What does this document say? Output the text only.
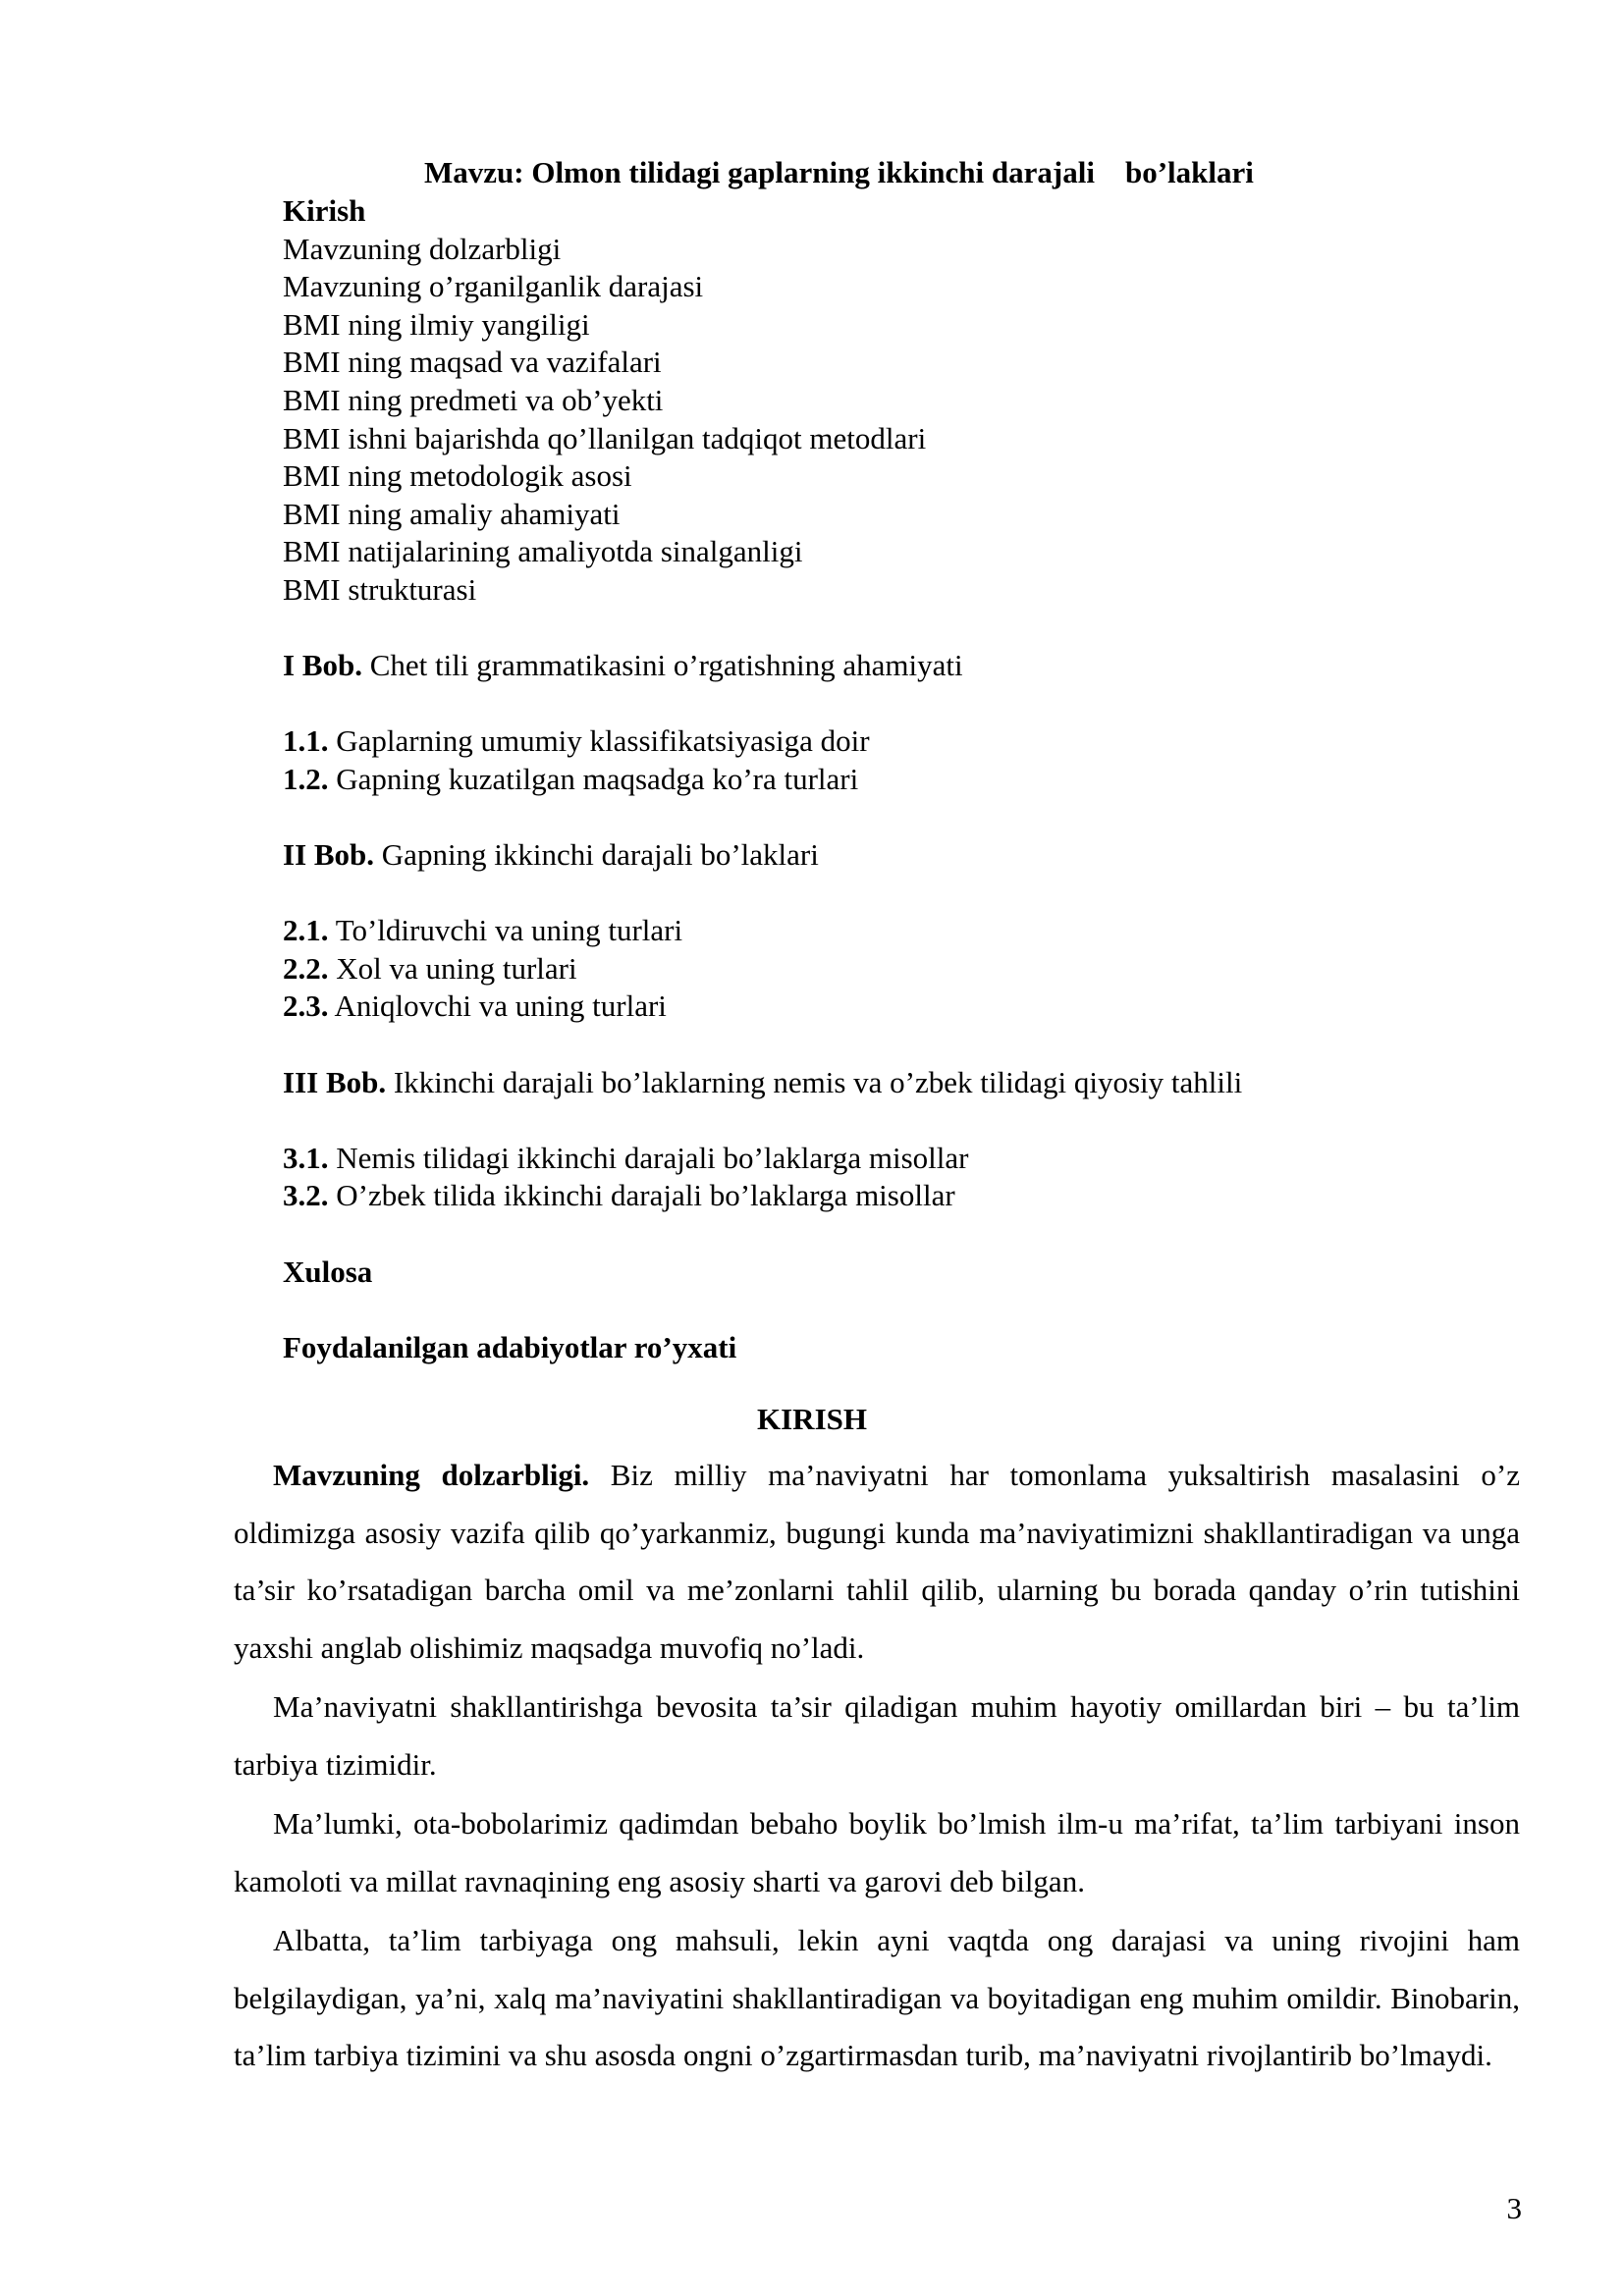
Mavzu: Olmon tilidagi gaplarning ikkinchi darajali    bo’laklari
Kirish
Mavzuning dolzarbligi
Mavzuning o’rganilganlik darajasi
BMI ning ilmiy yangiligi
BMI ning maqsad va vazifalari
BMI ning predmeti va ob’yekti
BMI ishni bajarishda qo’llanilgan tadqiqot metodlari
BMI ning metodologik asosi
BMI ning amaliy ahamiyati
BMI natijalarining amaliyotda sinalganligi
BMI strukturasi
I Bob. Chet tili grammatikasini o’rgatishning ahamiyati
1.1. Gaplarning umumiy klassifikatsiyasiga doir
1.2. Gapning kuzatilgan maqsadga ko’ra turlari
II Bob. Gapning ikkinchi darajali bo’laklari
2.1. To’ldiruvchi va uning turlari
2.2. Xol va uning turlari
2.3. Aniqlovchi va uning turlari
III Bob. Ikkinchi darajali bo’laklarning nemis va o’zbek tilidagi qiyosiy tahlili
3.1. Nemis tilidagi ikkinchi darajali bo’laklarga misollar
3.2. O’zbek tilida ikkinchi darajali bo’laklarga misollar
Xulosa
Foydalanilgan adabiyotlar ro’yxati
KIRISH

Mavzuning dolzarbligi. Biz milliy ma’naviyatni har tomonlama yuksaltirish masalasini o’z oldimizga asosiy vazifa qilib qo’yarkanmiz, bugungi kunda ma’naviyatimizni shakllantiradigan va unga ta’sir ko’rsatadigan barcha omil va me’zonlarni tahlil qilib, ularning bu borada qanday o’rin tutishini yaxshi anglab olishimiz maqsadga muvofiq no’ladi.

Ma’naviyatni shakllantirishga bevosita ta’sir qiladigan muhim hayotiy omillardan biri – bu ta’lim tarbiya tizimidir.

Ma’lumki, ota-bobolarimiz qadimdan bebaho boylik bo’lmish ilm-u ma’rifat, ta’lim tarbiyani inson kamoloti va millat ravnaqining eng asosiy sharti va garovi deb bilgan.

Albatta, ta’lim tarbiyaga ong mahsuli, lekin ayni vaqtda ong darajasi va uning rivojini ham belgilaydigan, ya’ni, xalq ma’naviyatini shakllantiradigan va boyitadigan eng muhim omildir. Binobarin, ta’lim tarbiya tizimini va shu asosda ongni o’zgartirmasdan turib, ma’naviyatni rivojlantirib bo’lmaydi.

3
